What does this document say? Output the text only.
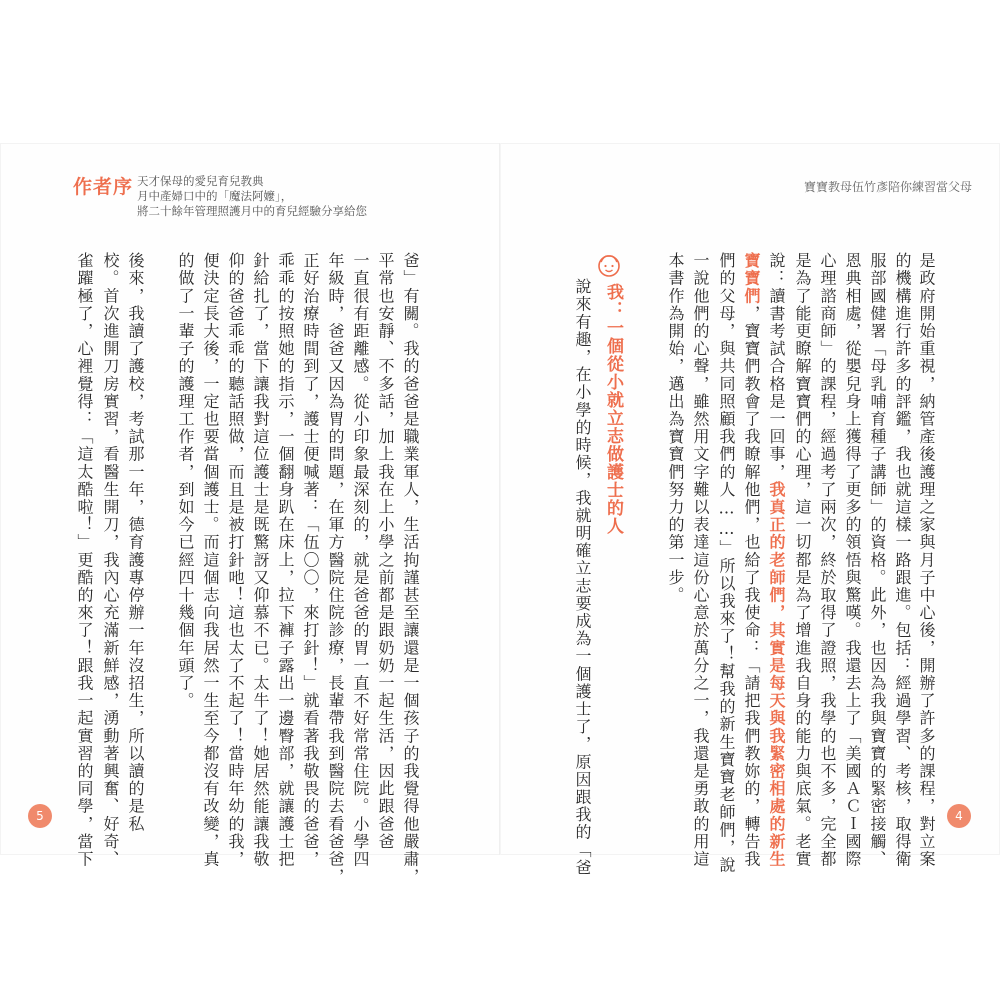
作者序 天才保母的愛兒育兒教典
月中產婦口中的「魔法阿嬤」，
將二十餘年管理照護月中的育兒經驗分享給您
寶寶教母伍竹彥陪你練習當父母

是政府開始重視，納管產後護理之家與月子中心後，開辦了許多的課程，對立案

的機構進行許多的評鑑，我也就這樣一路跟進。包括：經過學習、考核，取得衛

服部國健署「母乳哺育種子講師」的資格。此外，也因為我與寶寶的緊密接觸、

恩典相處，從嬰兒身上獲得了更多的領悟與驚嘆。我還去上了「美國ＡＣＩ國際

心理諮商師」的課程，經過考了兩次，終於取得了證照，我學的也不多，完全都

是為了能更瞭解寶寶們的心理，這一切都是為了增進我自身的能力與底氣。老實

說：讀書考試合格是一回事，我真正的老師們，其實是每天與我緊密相處的新生

寶寶們，寶寶們教會了我瞭解他們，也給了我使命：「請把我們教妳的，轉告我

們的父母，與共同照顧我們的人……」所以我來了！幫我的新生寶寶老師們，說

一說他們的心聲，雖然用文字難以表達這份心意於萬分之一，我還是勇敢的用這

本書作為開始，邁出為寶寶們努力的第一步。

我：一個從小就立志做護士的人

說來有趣，在小學的時候，我就明確立志要成為一個護士了，原因跟我的「爸

爸」有關。我的爸爸是職業軍人，生活拘謹甚至讓還是一個孩子的我覺得他嚴肅，

平常也安靜、不多話，加上我在上小學之前都是跟奶奶一起生活，因此跟爸爸

一直很有距離感。從小印象最深刻的，就是爸爸的胃一直不好常常住院。小學四

年級時，爸爸又因為胃的問題，在軍方醫院住院診療，長輩帶我到醫院去看爸爸，

正好治療時間到了，護士便喊著：「伍〇〇，來打針！」就看著我敬畏的爸爸，

乖乖的按照她的指示，一個翻身趴在床上，拉下褲子露出一邊臀部，就讓護士把

針給扎了，當下讓我對這位護士是既驚訝又仰慕不已。太牛了！她居然能讓我敬

仰的爸爸乖乖的聽話照做，而且是被打針吔！這也太了不起了！當時年幼的我，

便決定長大後，一定也要當個護士。而這個志向我居然一生至今都沒有改變，真

的做了一輩子的護理工作者，到如今已經四十幾個年頭了。

後來，我讀了護校，考試那一年，德育護專停辦一年沒招生，所以讀的是私

校。首次進開刀房實習，看醫生開刀，我內心充滿新鮮感，湧動著興奮、好奇、

雀躍極了，心裡覺得：「這太酷啦！」更酷的來了！跟我一起實習的同學，當下

5	4
